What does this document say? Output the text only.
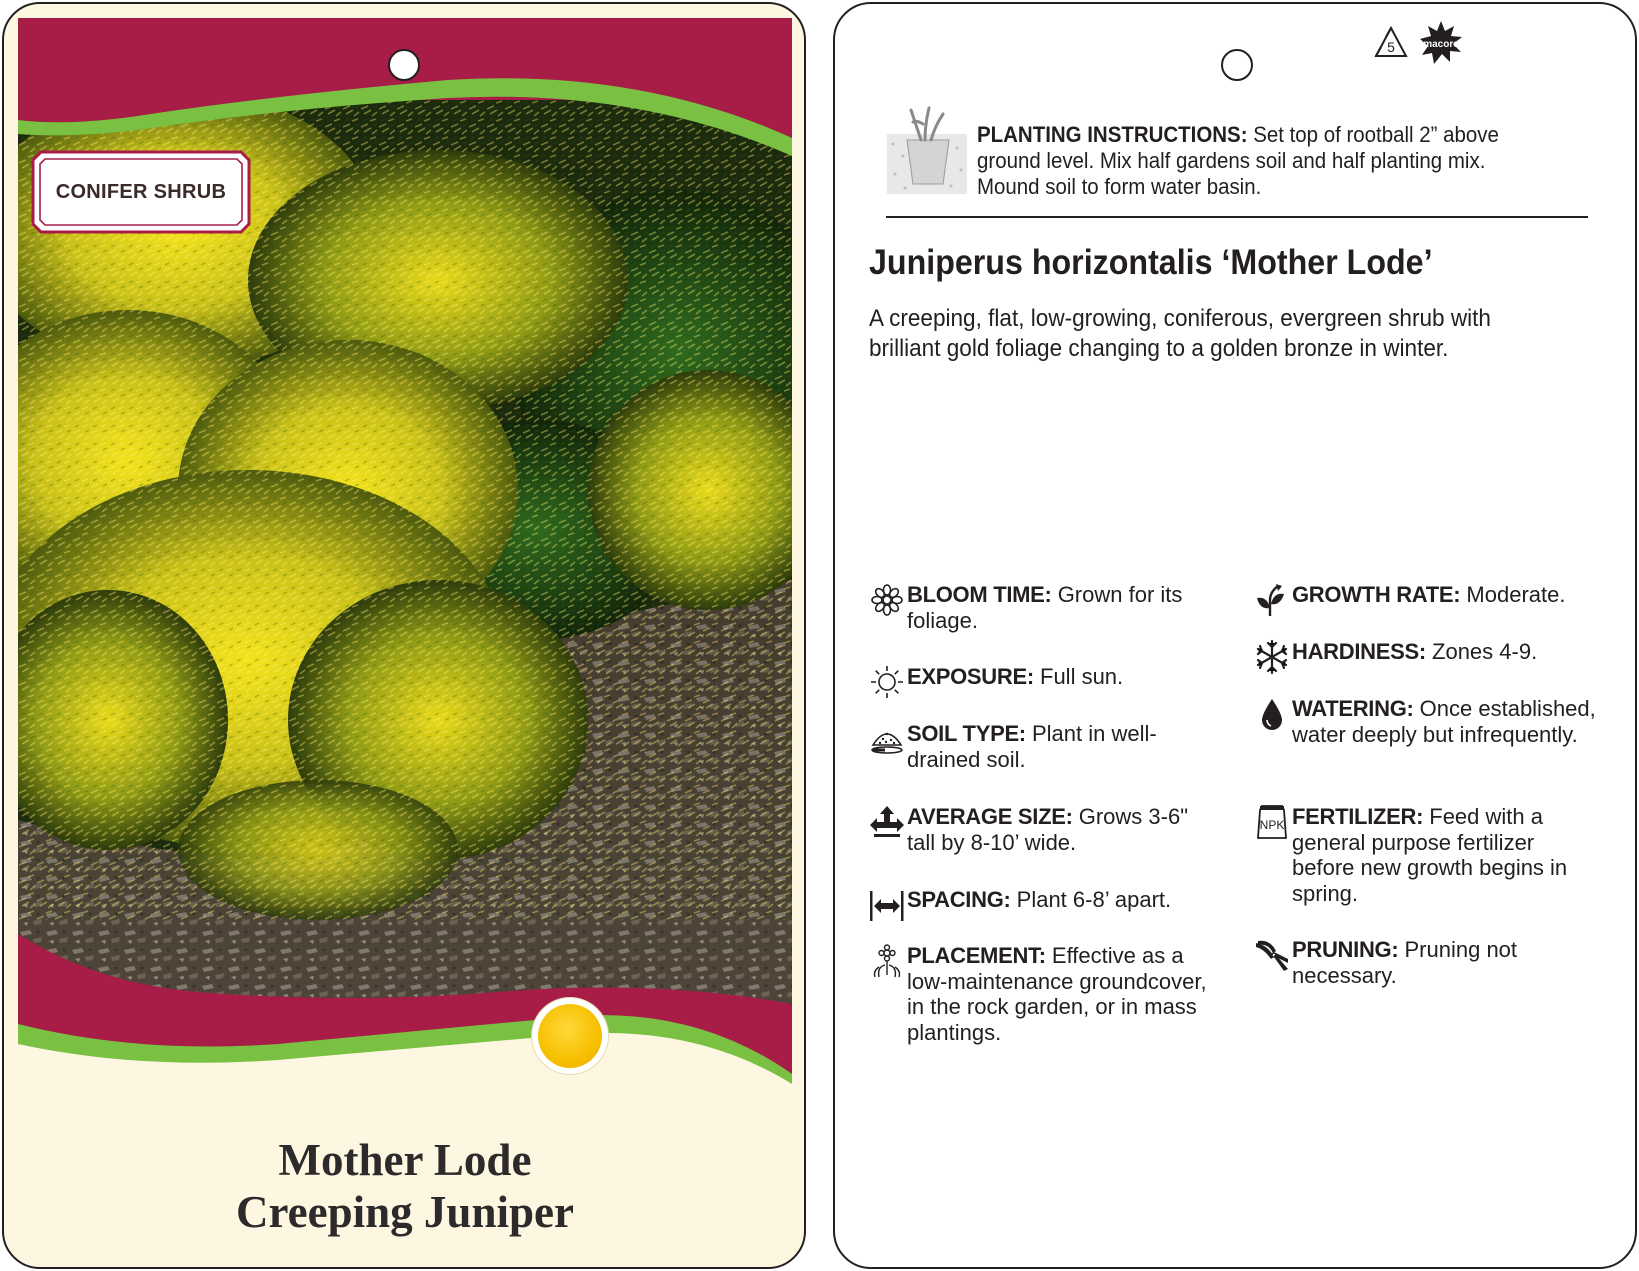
CONIFER SHRUB
Mother Lode
Creeping Juniper
5	macore
PLANTING INSTRUCTIONS: Set top of rootball 2” above ground level. Mix half gardens soil and half planting mix. Mound soil to form water basin.
Juniperus horizontalis ‘Mother Lode’
A creeping, flat, low-growing, coniferous, evergreen shrub with brilliant gold foliage changing to a golden bronze in winter.
BLOOM TIME: Grown for its foliage.
EXPOSURE: Full sun.
SOIL TYPE: Plant in well-drained soil.
AVERAGE SIZE: Grows 3-6" tall by 8-10’ wide.
SPACING: Plant 6-8’ apart.
PLACEMENT: Effective as a low-maintenance groundcover, in the rock garden, or in mass plantings.
GROWTH RATE: Moderate.
HARDINESS: Zones 4-9.
WATERING: Once established, water deeply but infrequently.
NPK FERTILIZER: Feed with a general purpose fertilizer before new growth begins in spring.
PRUNING: Pruning not necessary.
